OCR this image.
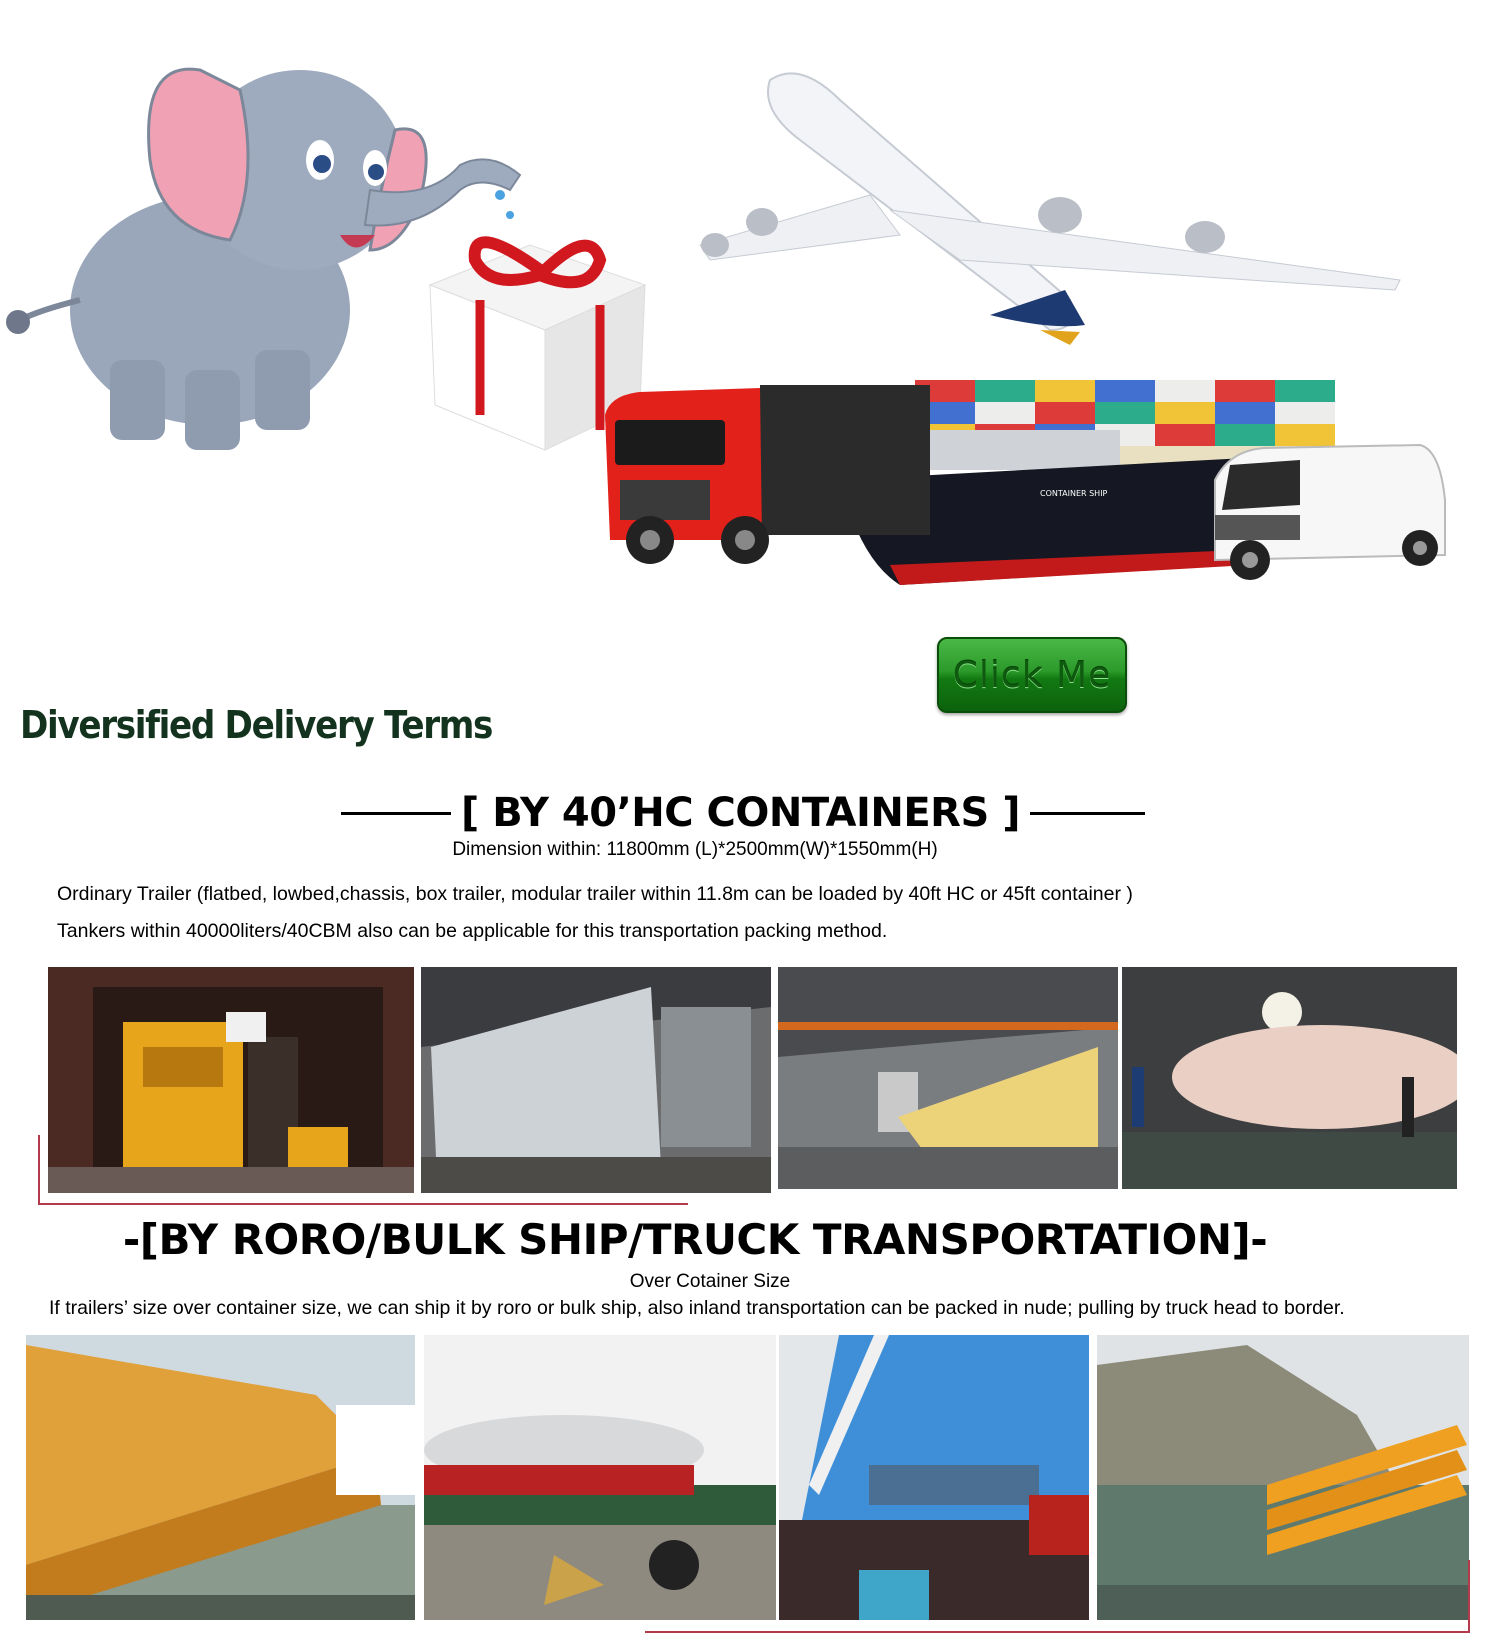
CONTAINER SHIP
Click Me
Diversified Delivery Terms
[ BY 40’HC CONTAINERS ]
Dimension within: 11800mm (L)*2500mm(W)*1550mm(H)
Ordinary Trailer (flatbed, lowbed,chassis, box trailer, modular trailer within 11.8m can be loaded by 40ft HC or 45ft container )
Tankers within 40000liters/40CBM also can be applicable for this transportation packing method.
-[BY RORO/BULK SHIP/TRUCK TRANSPORTATION]-
Over Cotainer Size
If trailers’ size over container size, we can ship it by roro or bulk ship, also inland transportation can be packed in nude; pulling by truck head to border.
